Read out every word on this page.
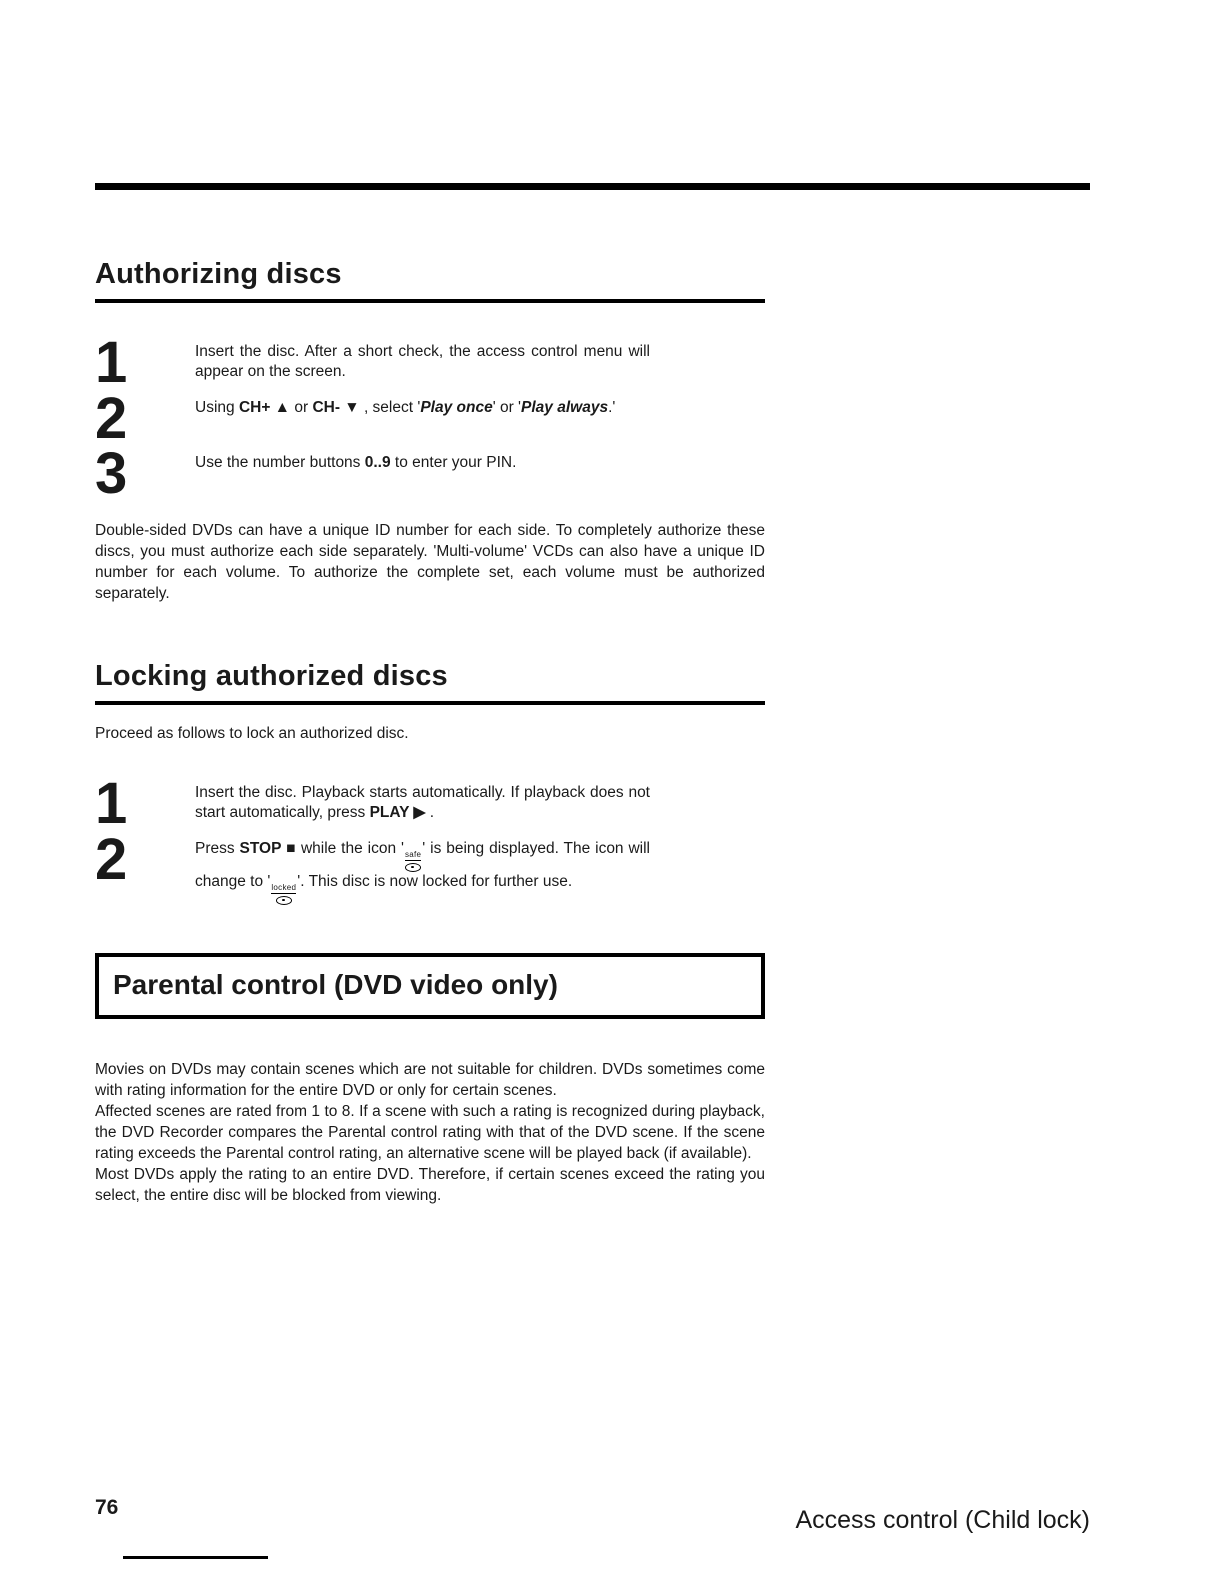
Authorizing discs
1	Insert the disc. After a short check, the access control menu will appear on the screen.
2	Using CH+ ▲ or CH- ▼ , select 'Play once' or 'Play always.'
3	Use the number buttons 0..9 to enter your PIN.

Double-sided DVDs can have a unique ID number for each side. To completely authorize these discs, you must authorize each side separately. 'Multi-volume' VCDs can also have a unique ID number for each volume. To authorize the complete set, each volume must be authorized separately.

Locking authorized discs

Proceed as follows to lock an authorized disc.

1	Insert the disc. Playback starts automatically. If playback does not start automatically, press PLAY ▶ .
2	Press STOP ■ while the icon ' safe ' is being displayed. The icon will change to ' locked '. This disc is now locked for further use.
Parental control (DVD video only)

Movies on DVDs may contain scenes which are not suitable for children. DVDs sometimes come with rating information for the entire DVD or only for certain scenes.

Affected scenes are rated from 1 to 8. If a scene with such a rating is recognized during playback, the DVD Recorder compares the Parental control rating with that of the DVD scene. If the scene rating exceeds the Parental control rating, an alternative scene will be played back (if available).

Most DVDs apply the rating to an entire DVD. Therefore, if certain scenes exceed the rating you select, the entire disc will be blocked from viewing.

76	Access control (Child lock)
